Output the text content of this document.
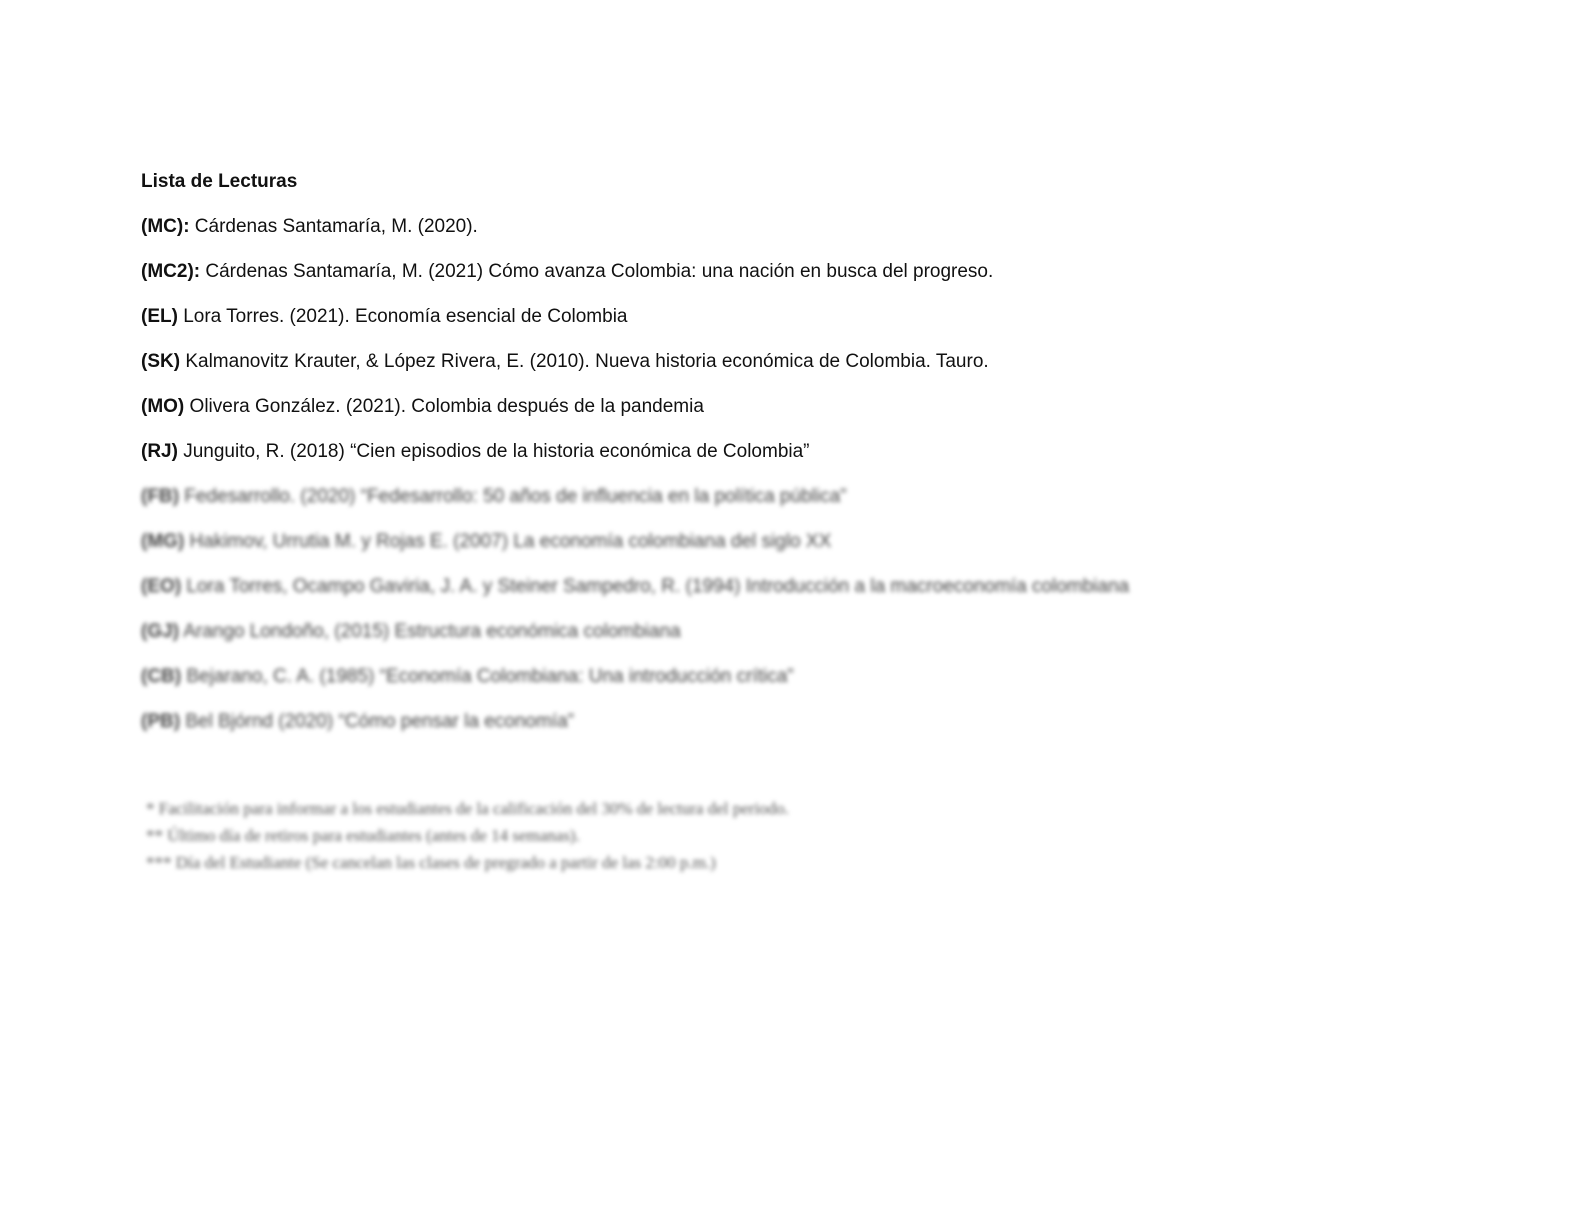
Lista de Lecturas
(MC): Cárdenas Santamaría, M. (2020).
(MC2): Cárdenas Santamaría, M. (2021) Cómo avanza Colombia: una nación en busca del progreso.
(EL) Lora Torres. (2021). Economía esencial de Colombia
(SK) Kalmanovitz Krauter, & López Rivera, E. (2010). Nueva historia económica de Colombia. Tauro.
(MO) Olivera González. (2021). Colombia después de la pandemia
(RJ) Junguito, R. (2018) “Cien episodios de la historia económica de Colombia”
(FB) Fedesarrollo. (2020) “Fedesarrollo: 50 años de influencia en la política pública”
(MG) Hakimov, Urrutia M. y Rojas E. (2007) La economía colombiana del siglo XX
(EO) Lora Torres, Ocampo Gaviria, J. A. y Steiner Sampedro, R. (1994) Introducción a la macroeconomía colombiana
(GJ) Arango Londoño, (2015) Estructura económica colombiana
(CB) Bejarano, C. A. (1985) “Economía Colombiana: Una introducción crítica”
(PB) Bel Bjórnd (2020) “Cómo pensar la economía”
* Facilitación para informar a los estudiantes de la calificación del 30% de lectura del periodo.
** Último día de retiros para estudiantes (antes de 14 semanas).
*** Día del Estudiante (Se cancelan las clases de pregrado a partir de las 2:00 p.m.)
